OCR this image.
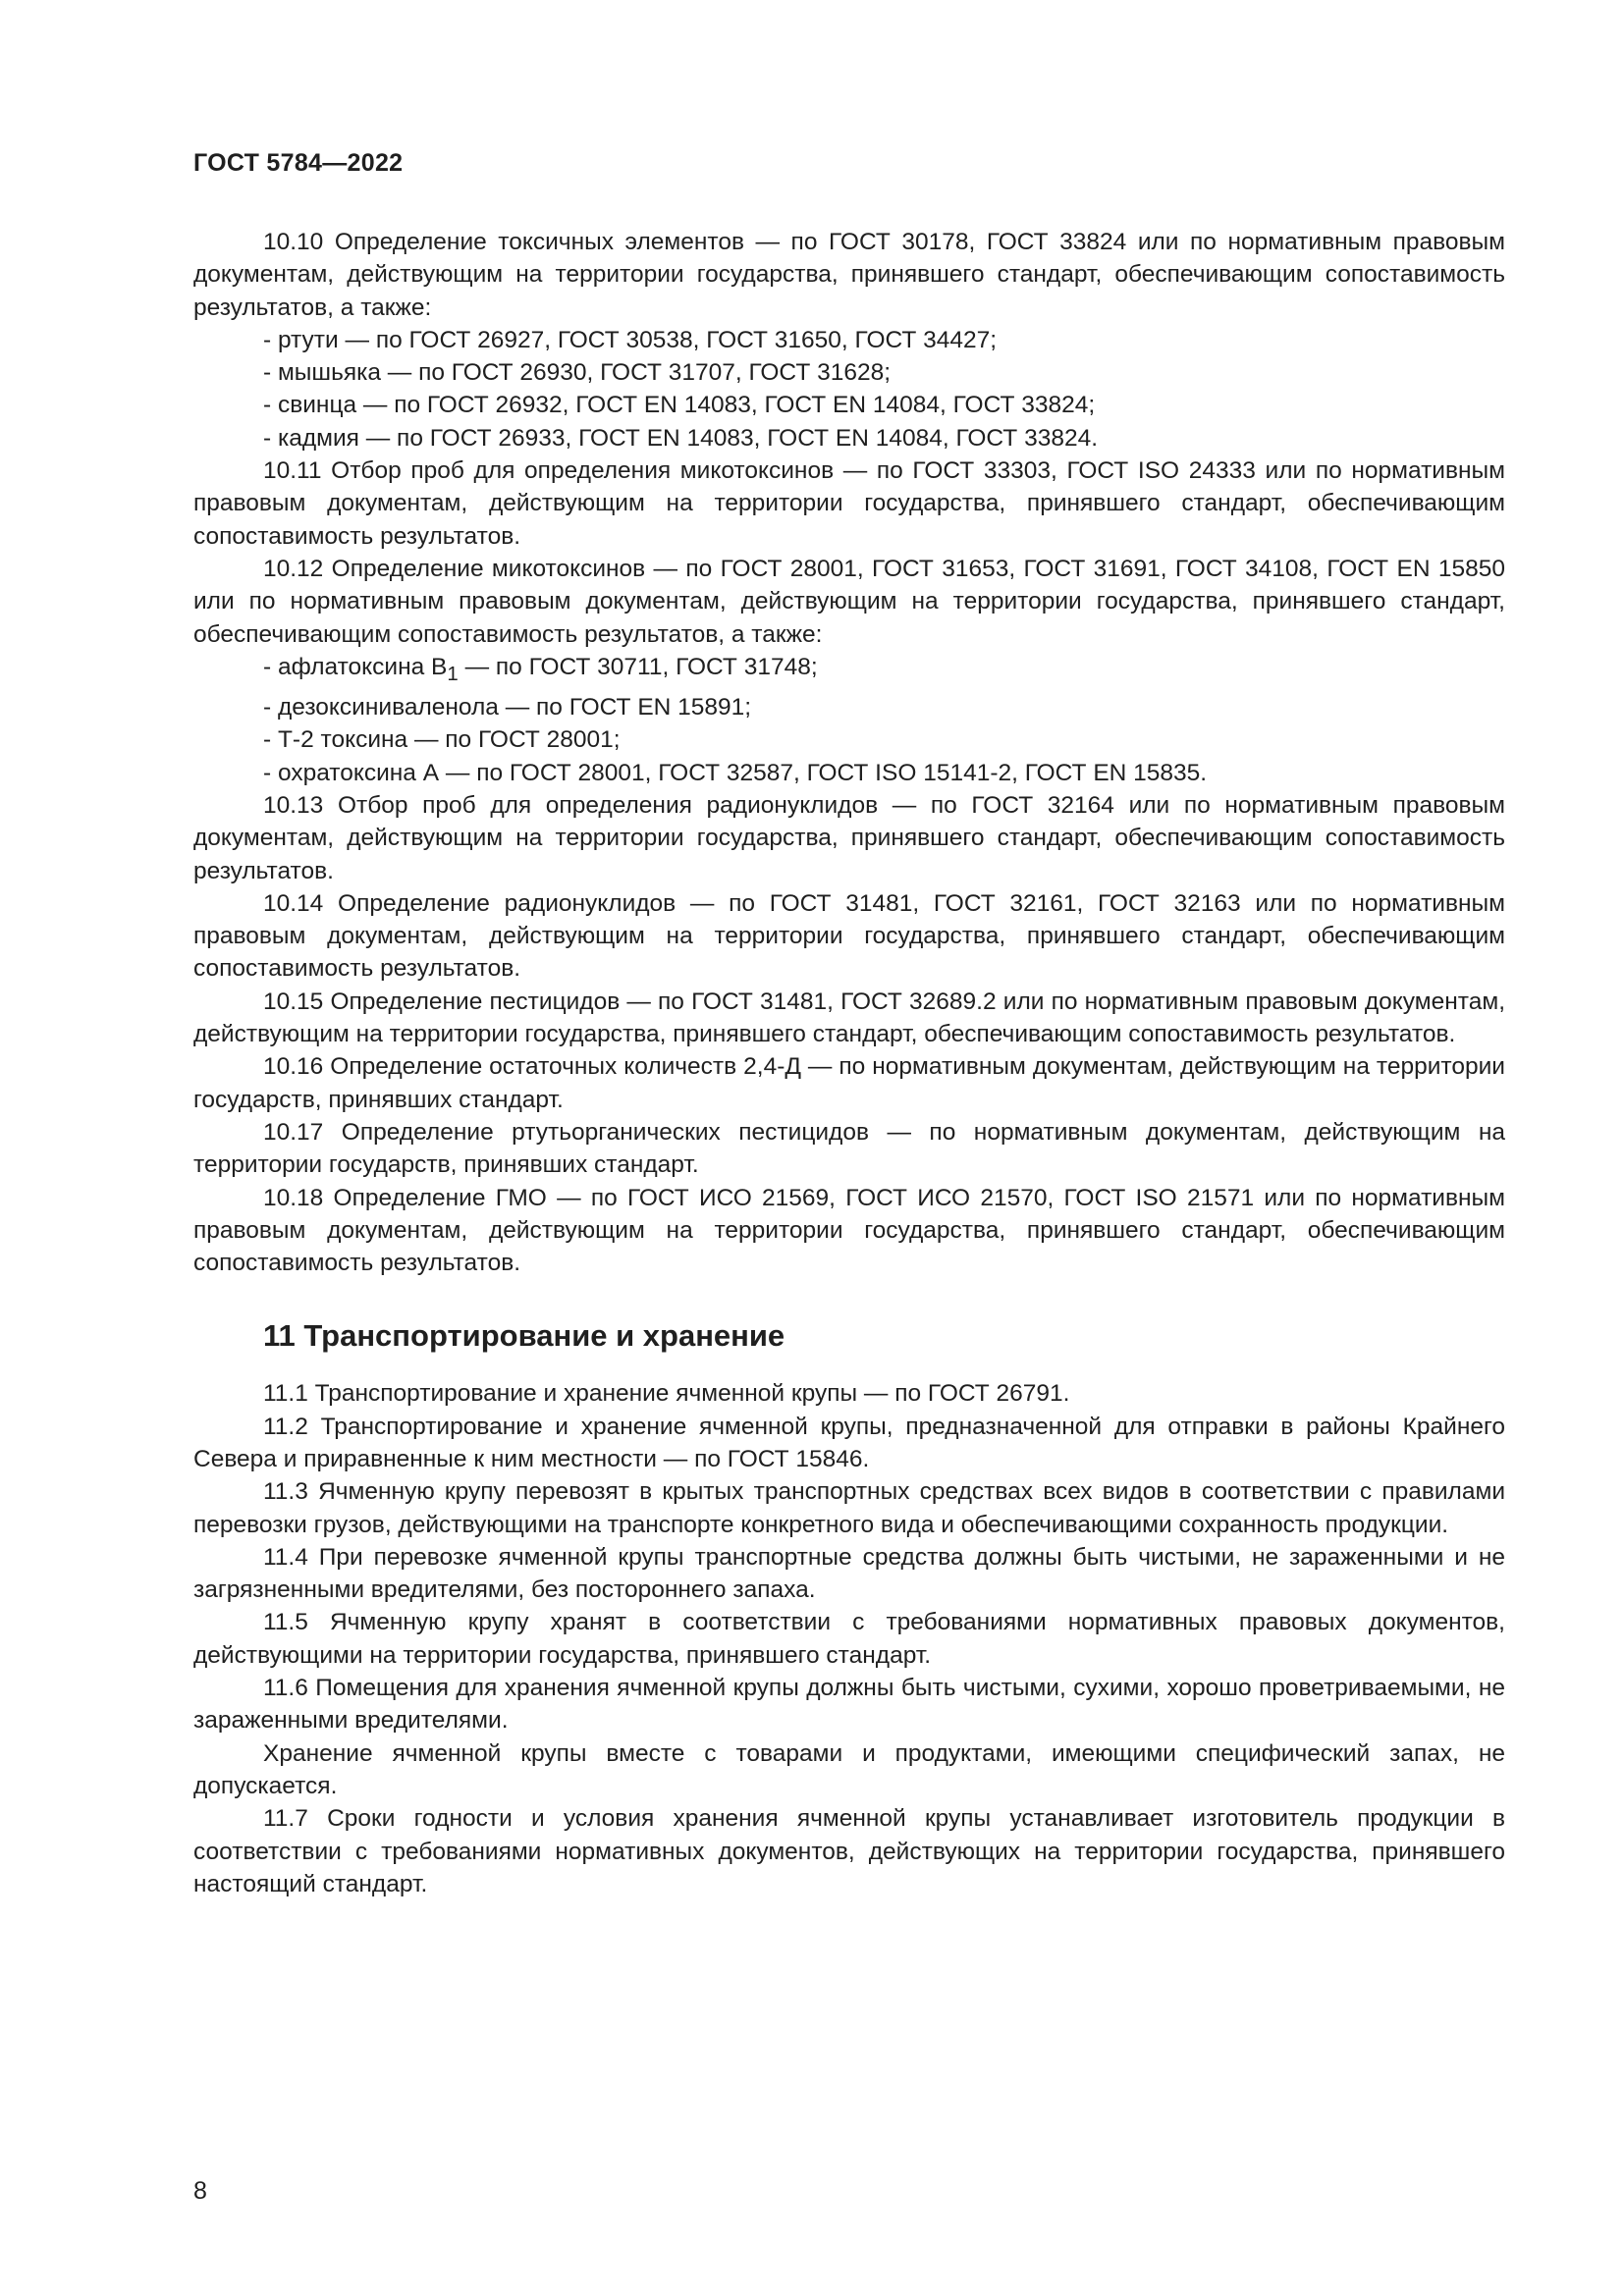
ГОСТ 5784—2022

10.10 Определение токсичных элементов — по ГОСТ 30178, ГОСТ 33824 или по нормативным правовым документам, действующим на территории государства, принявшего стандарт, обеспечивающим сопоставимость результатов, а также:

- ртути — по ГОСТ 26927, ГОСТ 30538, ГОСТ 31650, ГОСТ 34427;

- мышьяка — по ГОСТ 26930, ГОСТ 31707, ГОСТ 31628;

- свинца — по ГОСТ 26932, ГОСТ EN 14083, ГОСТ EN 14084, ГОСТ 33824;

- кадмия — по ГОСТ 26933, ГОСТ EN 14083, ГОСТ EN 14084, ГОСТ 33824.

10.11 Отбор проб для определения микотоксинов — по ГОСТ 33303, ГОСТ ISO 24333 или по нормативным правовым документам, действующим на территории государства, принявшего стандарт, обеспечивающим сопоставимость результатов.

10.12 Определение микотоксинов — по ГОСТ 28001, ГОСТ 31653, ГОСТ 31691, ГОСТ 34108, ГОСТ EN 15850 или по нормативным правовым документам, действующим на территории государства, принявшего стандарт, обеспечивающим сопоставимость результатов, а также:

- афлатоксина $В_1$ — по ГОСТ 30711, ГОСТ 31748;

- дезоксиниваленола — по ГОСТ EN 15891;

- Т-2 токсина — по ГОСТ 28001;

- охратоксина А — по ГОСТ 28001, ГОСТ 32587, ГОСТ ISO 15141-2, ГОСТ EN 15835.

10.13 Отбор проб для определения радионуклидов — по ГОСТ 32164 или по нормативным правовым документам, действующим на территории государства, принявшего стандарт, обеспечивающим сопоставимость результатов.

10.14 Определение радионуклидов — по ГОСТ 31481, ГОСТ 32161, ГОСТ 32163 или по нормативным правовым документам, действующим на территории государства, принявшего стандарт, обеспечивающим сопоставимость результатов.

10.15 Определение пестицидов — по ГОСТ 31481, ГОСТ 32689.2 или по нормативным правовым документам, действующим на территории государства, принявшего стандарт, обеспечивающим сопоставимость результатов.

10.16 Определение остаточных количеств 2,4-Д — по нормативным документам, действующим на территории государств, принявших стандарт.

10.17 Определение ртутьорганических пестицидов — по нормативным документам, действующим на территории государств, принявших стандарт.

10.18 Определение ГМО — по ГОСТ ИСО 21569, ГОСТ ИСО 21570, ГОСТ ISO 21571 или по нормативным правовым документам, действующим на территории государства, принявшего стандарт, обеспечивающим сопоставимость результатов.

11 Транспортирование и хранение

11.1 Транспортирование и хранение ячменной крупы — по ГОСТ 26791.

11.2 Транспортирование и хранение ячменной крупы, предназначенной для отправки в районы Крайнего Севера и приравненные к ним местности — по ГОСТ 15846.

11.3 Ячменную крупу перевозят в крытых транспортных средствах всех видов в соответствии с правилами перевозки грузов, действующими на транспорте конкретного вида и обеспечивающими сохранность продукции.

11.4 При перевозке ячменной крупы транспортные средства должны быть чистыми, не зараженными и не загрязненными вредителями, без постороннего запаха.

11.5 Ячменную крупу хранят в соответствии с требованиями нормативных правовых документов, действующими на территории государства, принявшего стандарт.

11.6 Помещения для хранения ячменной крупы должны быть чистыми, сухими, хорошо проветриваемыми, не зараженными вредителями.

Хранение ячменной крупы вместе с товарами и продуктами, имеющими специфический запах, не допускается.

11.7 Сроки годности и условия хранения ячменной крупы устанавливает изготовитель продукции в соответствии с требованиями нормативных документов, действующих на территории государства, принявшего настоящий стандарт.

8
